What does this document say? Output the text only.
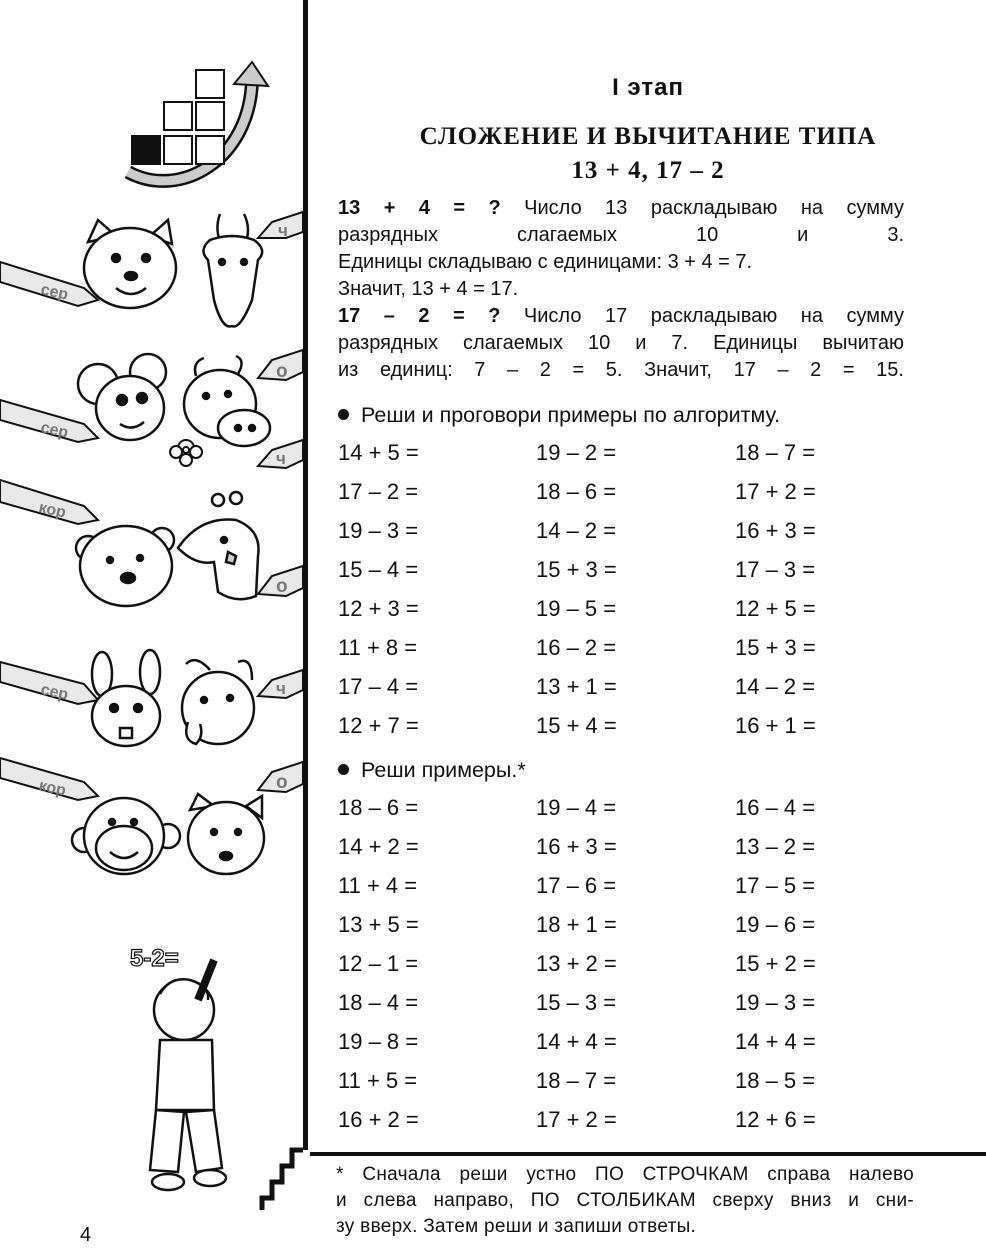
сер
ч
о
сер
ч
кор
о
сер	ч
кор	о
5-2=
I этап
СЛОЖЕНИЕ И ВЫЧИТАНИЕ ТИПА
13 + 4, 17 – 2

13 + 4 = ? Число 13 раскладываю на сумму

разрядных слагаемых 10 и 3.

Единицы складываю с единицами: 3 + 4 = 7.

Значит, 13 + 4 = 17.

17 – 2 = ? Число 17 раскладываю на сумму

разрядных слагаемых 10 и 7. Единицы вычитаю

из единиц: 7 – 2 = 5. Значит, 17 – 2 = 15.

Реши и проговори примеры по алгоритму.
14 + 5 =
17 – 2 =
19 – 3 =
15 – 4 =
12 + 3 =
11 + 8 =
17 – 4 =
12 + 7 =
19 – 2 =
18 – 6 =
14 – 2 =
15 + 3 =
19 – 5 =
16 – 2 =
13 + 1 =
15 + 4 =
18 – 7 =
17 + 2 =
16 + 3 =
17 – 3 =
12 + 5 =
15 + 3 =
14 – 2 =
16 + 1 =
Реши примеры.*
18 – 6 =
14 + 2 =
11 + 4 =
13 + 5 =
12 – 1 =
18 – 4 =
19 – 8 =
11 + 5 =
16 + 2 =
19 – 4 =
16 + 3 =
17 – 6 =
18 + 1 =
13 + 2 =
15 – 3 =
14 + 4 =
18 – 7 =
17 + 2 =
16 – 4 =
13 – 2 =
17 – 5 =
19 – 6 =
15 + 2 =
19 – 3 =
14 + 4 =
18 – 5 =
12 + 6 =

* Сначала реши устно ПО СТРОЧКАМ справа налево

и слева направо, ПО СТОЛБИКАМ сверху вниз и сни-

зу вверх. Затем реши и запиши ответы.

4
